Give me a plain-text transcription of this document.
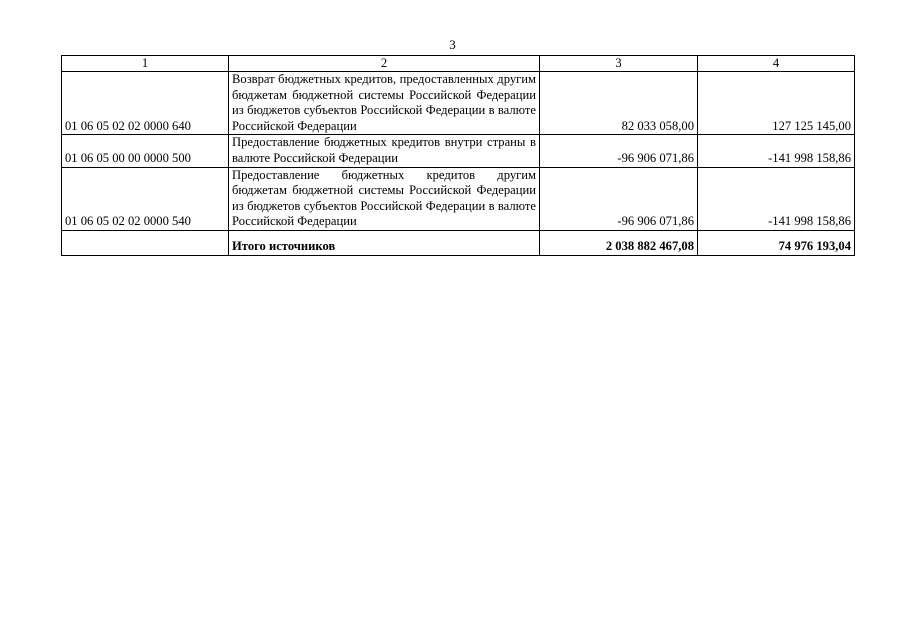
3
1	2	3	4
01 06 05 02 02 0000 640	Возврат бюджетных кредитов, предоставленных другим бюджетам бюджетной системы Российской Федерации из бюджетов субъектов Российской Федерации в валюте Российской Федерации	82 033 058,00	127 125 145,00
01 06 05 00 00 0000 500	Предоставление бюджетных кредитов внутри страны в валюте Российской Федерации	-96 906 071,86	-141 998 158,86
01 06 05 02 02 0000 540	Предоставление бюджетных кредитов другим бюджетам бюджетной системы Российской Федерации из бюджетов субъектов Российской Федерации в валюте Российской Федерации	-96 906 071,86	-141 998 158,86
	Итого источников	2 038 882 467,08	74 976 193,04
